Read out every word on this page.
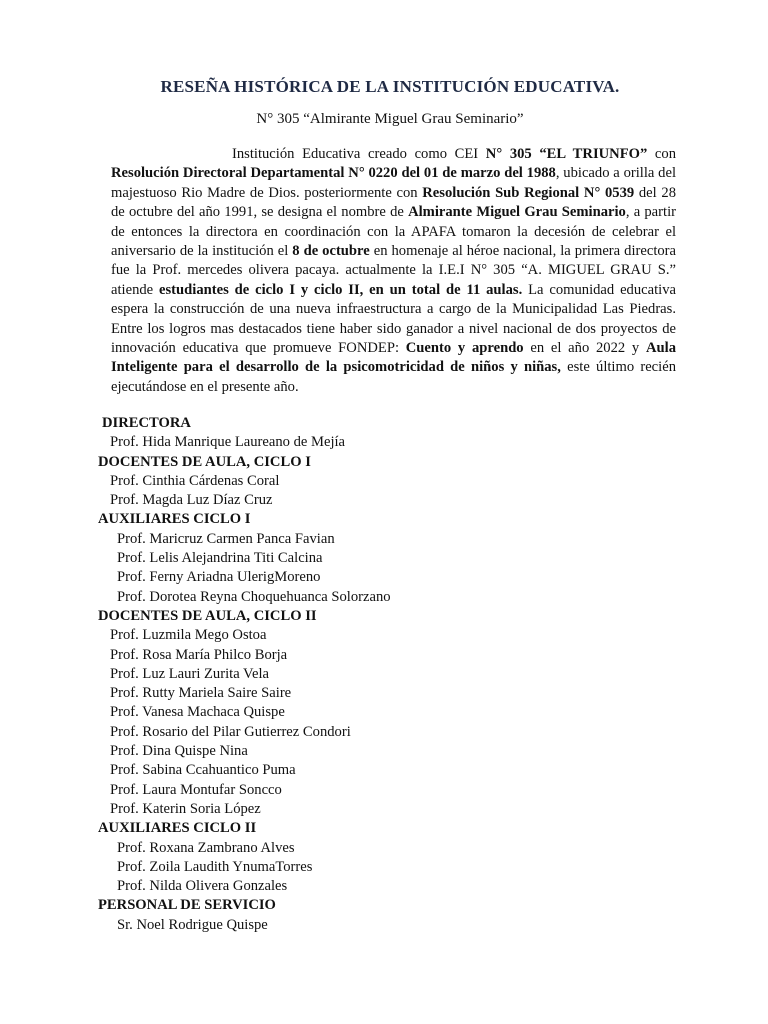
RESEÑA HISTÓRICA DE LA INSTITUCIÓN EDUCATIVA.
N° 305 “Almirante Miguel Grau Seminario”
Institución Educativa creado como CEI N° 305 “EL TRIUNFO” con Resolución Directoral Departamental N° 0220 del 01 de marzo del 1988, ubicado a orilla del majestuoso Rio Madre de Dios. posteriormente con Resolución Sub Regional N° 0539 del 28 de octubre del año 1991, se designa el nombre de Almirante Miguel Grau Seminario, a partir de entonces la directora en coordinación con la APAFA tomaron la decesión de celebrar el aniversario de la institución el 8 de octubre en homenaje al héroe nacional, la primera directora fue la Prof. mercedes olivera pacaya. actualmente la I.E.I N° 305 “A. MIGUEL GRAU S.” atiende estudiantes de ciclo I y ciclo II, en un total de 11 aulas. La comunidad educativa espera la construcción de una nueva infraestructura a cargo de la Municipalidad Las Piedras. Entre los logros mas destacados tiene haber sido ganador a nivel nacional de dos proyectos de innovación educativa que promueve FONDEP: Cuento y aprendo en el año 2022 y Aula Inteligente para el desarrollo de la psicomotricidad de niños y niñas, este último recién ejecutándose en el presente año.
DIRECTORA
Prof. Hida Manrique Laureano de Mejía
DOCENTES DE AULA, CICLO I
Prof. Cinthia Cárdenas Coral
Prof. Magda Luz Díaz Cruz
AUXILIARES CICLO I
Prof. Maricruz Carmen Panca Favian
Prof. Lelis Alejandrina Titi Calcina
Prof. Ferny Ariadna UlerigMoreno
Prof. Dorotea Reyna Choquehuanca Solorzano
DOCENTES DE AULA, CICLO II
Prof. Luzmila Mego Ostoa
Prof. Rosa María Philco Borja
Prof. Luz Lauri Zurita Vela
Prof. Rutty Mariela Saire Saire
Prof. Vanesa Machaca Quispe
Prof. Rosario del Pilar Gutierrez Condori
Prof. Dina Quispe Nina
Prof. Sabina Ccahuantico Puma
Prof. Laura Montufar Soncco
Prof. Katerin Soria López
AUXILIARES CICLO II
Prof. Roxana Zambrano Alves
Prof. Zoila Laudith YnumaTorres
Prof. Nilda Olivera Gonzales
PERSONAL DE SERVICIO
Sr. Noel Rodrigue Quispe
